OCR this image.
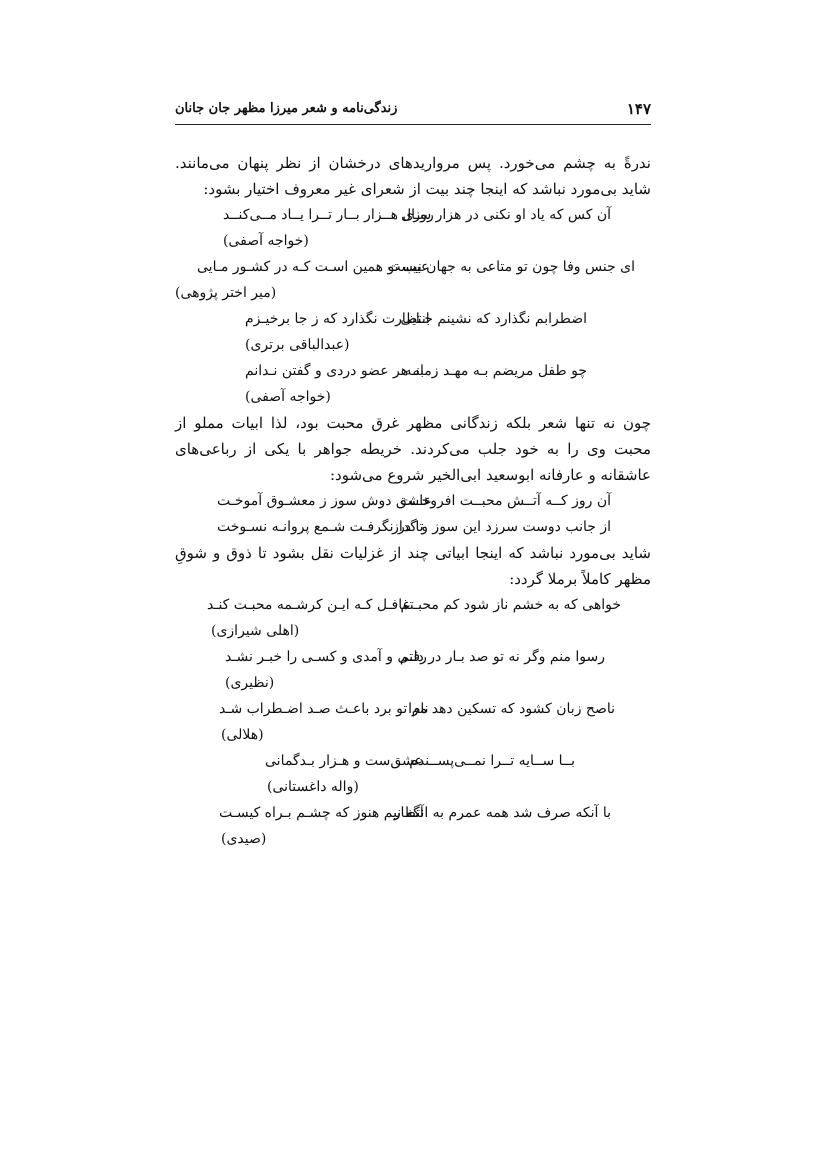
۱۴۷
زندگی‌نامه و شعر میرزا مظهر جان جانان

ندرةً به چشم می‌خورد. پس مرواریدهای درخشان از نظر پنهان می‌مانند. شاید بی‌مورد نباشد که اینجا چند بیت از شعرای غیر معروف اختیار بشود:

آن کس که یاد او نکنی در هزار سـال
روزی هــزار بــار تــرا یــاد مــی‌کنــد
(خواجه آصفی)
ای جنس وفا چون تو متاعی به جهان نیست
عیب تو همین اسـت کـه در کشـور مـایی
(میر اختر پژوهی)
اضطرابم نگذارد که نشینم جـایی
انتظارت نگذارد که ز جا برخیـزم
(عبدالباقی برتری)
چو طفل مریضم بـه مهـد زمانـه
به هر عضو دردی و گفتن نـدانم
(خواجه آصفی)

چون نه تنها شعر بلکه زندگانی مظهر غرق محبت بود، لذا ابیات مملو از محبت وی را به خود جلب می‌کردند. خریطه جواهر با یکی از رباعی‌های عاشقانه و عارفانه ابوسعید ابی‌الخیر شروع می‌شود:

آن روز کــه آتــش محبــت افروخــت
عاشق دوش سوز ز معشـوق آموخـت
از جانب دوست سرزد این سوز و گداز
تا در نگرفـت شـمع پروانـه نسـوخت

شاید بی‌مورد نباشد که اینجا ابیاتی چند از غزلیات نقل بشود تا ذوق و شوقِ مظهر کاملاً برملا گردد:

خواهی که به خشم ناز شود کم محبـتم
غافـل کـه ایـن کرشـمه محبـت کنـد
(اهلی شیرازی)
رسوا منم وگر نه تو صد بـار در دلـم
رفتی و آمدی و کسـی را خبـر نشـد
(نظیری)
ناصح زبان کشود که تسکین دهد مرا
نام تو برد باعـث صـد اضـطراب شـد
(هلالی)
بــا ســایه تــرا نمــی‌پســندم
عشق‌ست و هـزار بـدگمانی
(واله داغستانی)
با آنکه صرف شد همه عمرم به انتظار
آگه نیم هنوز که چشـم بـراه کیسـت
(صیدی)
